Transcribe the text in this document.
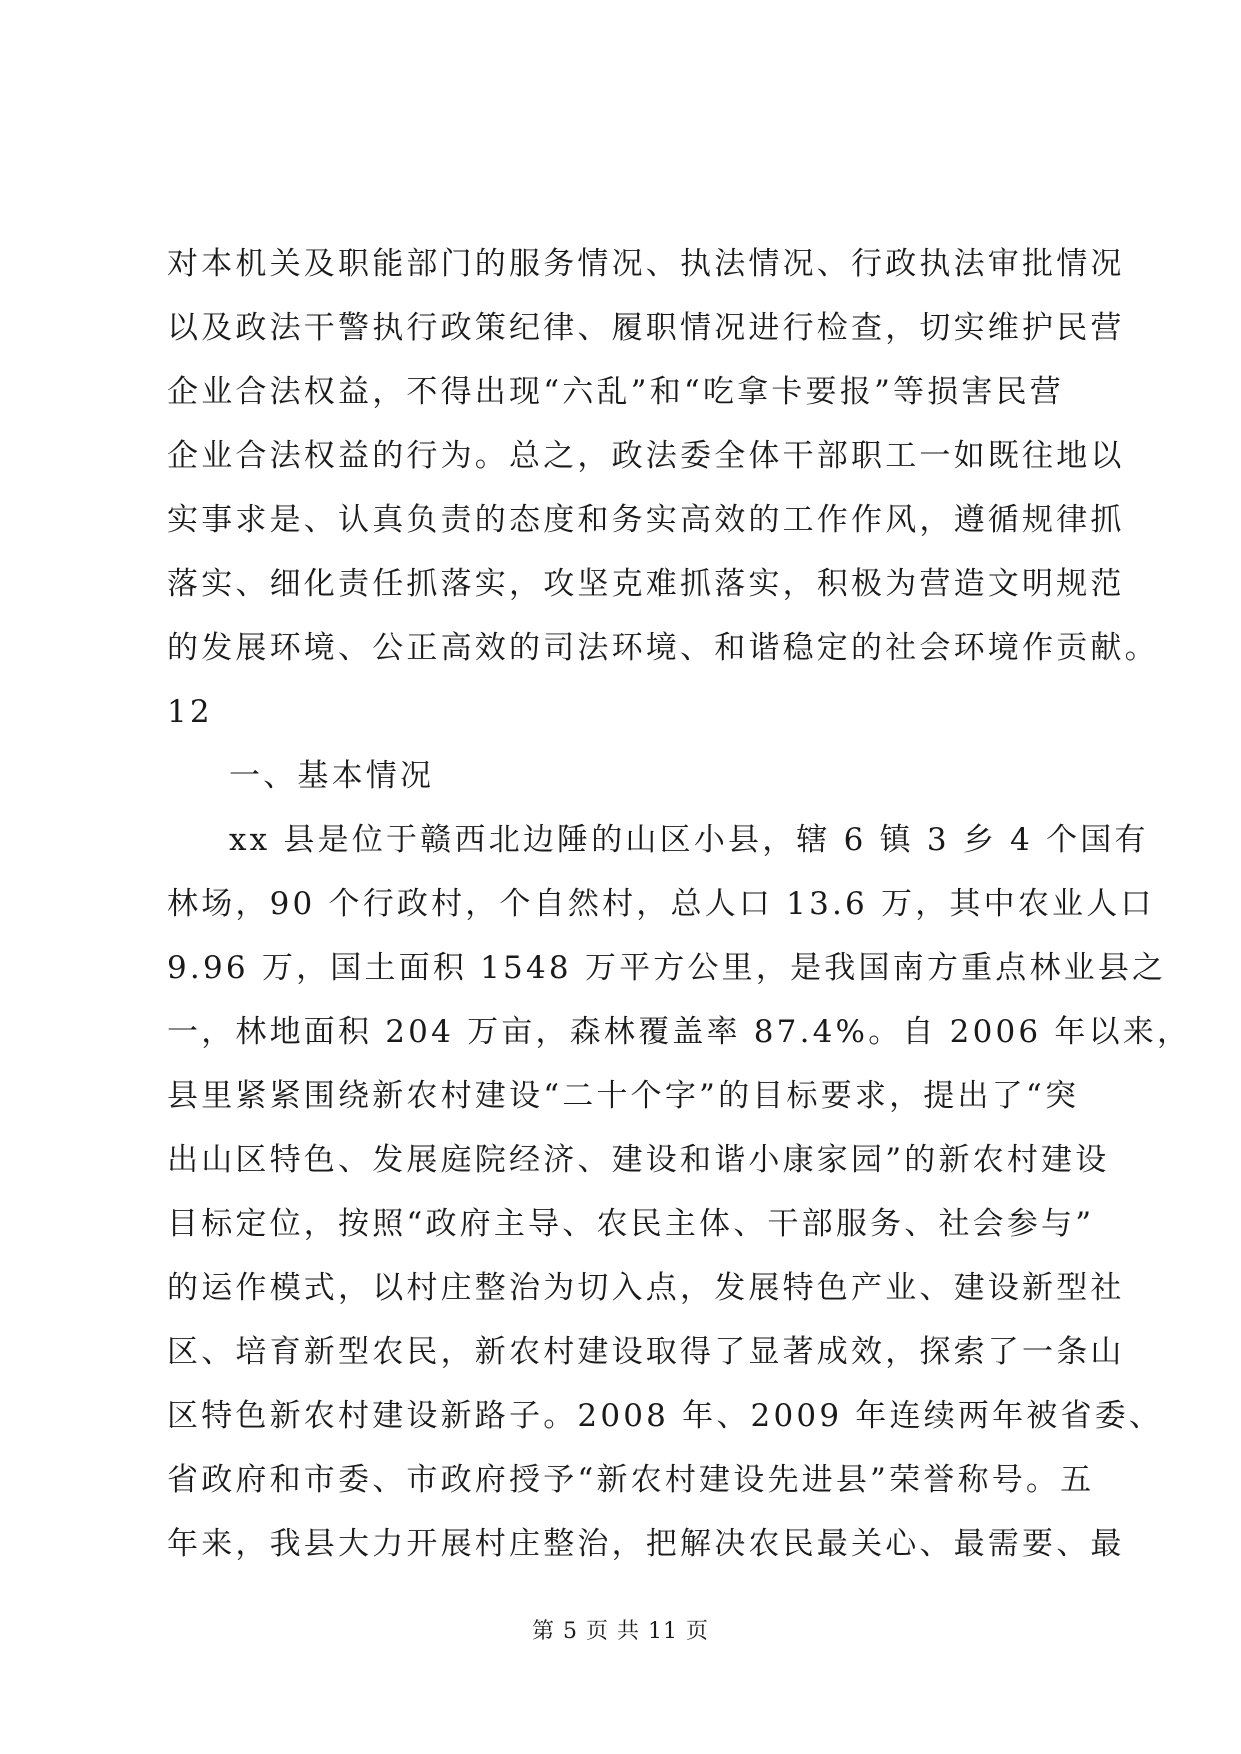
对本机关及职能部门的服务情况、执法情况、行政执法审批情况
以及政法干警执行政策纪律、履职情况进行检查，切实维护民营
企业合法权益，不得出现“六乱”和“吃拿卡要报”等损害民营
企业合法权益的行为。总之，政法委全体干部职工一如既往地以
实事求是、认真负责的态度和务实高效的工作作风，遵循规律抓
落实、细化责任抓落实，攻坚克难抓落实，积极为营造文明规范
的发展环境、公正高效的司法环境、和谐稳定的社会环境作贡献。
12
一、基本情况
xx 县是位于赣西北边陲的山区小县，辖 6 镇 3 乡 4 个国有
林场，90 个行政村，个自然村，总人口 13.6 万，其中农业人口
9.96 万，国土面积 1548 万平方公里，是我国南方重点林业县之
一，林地面积 204 万亩，森林覆盖率 87.4%。自 2006 年以来，
县里紧紧围绕新农村建设“二十个字”的目标要求，提出了“突
出山区特色、发展庭院经济、建设和谐小康家园”的新农村建设
目标定位，按照“政府主导、农民主体、干部服务、社会参与”
的运作模式，以村庄整治为切入点，发展特色产业、建设新型社
区、培育新型农民，新农村建设取得了显著成效，探索了一条山
区特色新农村建设新路子。2008 年、2009 年连续两年被省委、
省政府和市委、市政府授予“新农村建设先进县”荣誉称号。五
年来，我县大力开展村庄整治，把解决农民最关心、最需要、最
第 5 页 共 11 页
